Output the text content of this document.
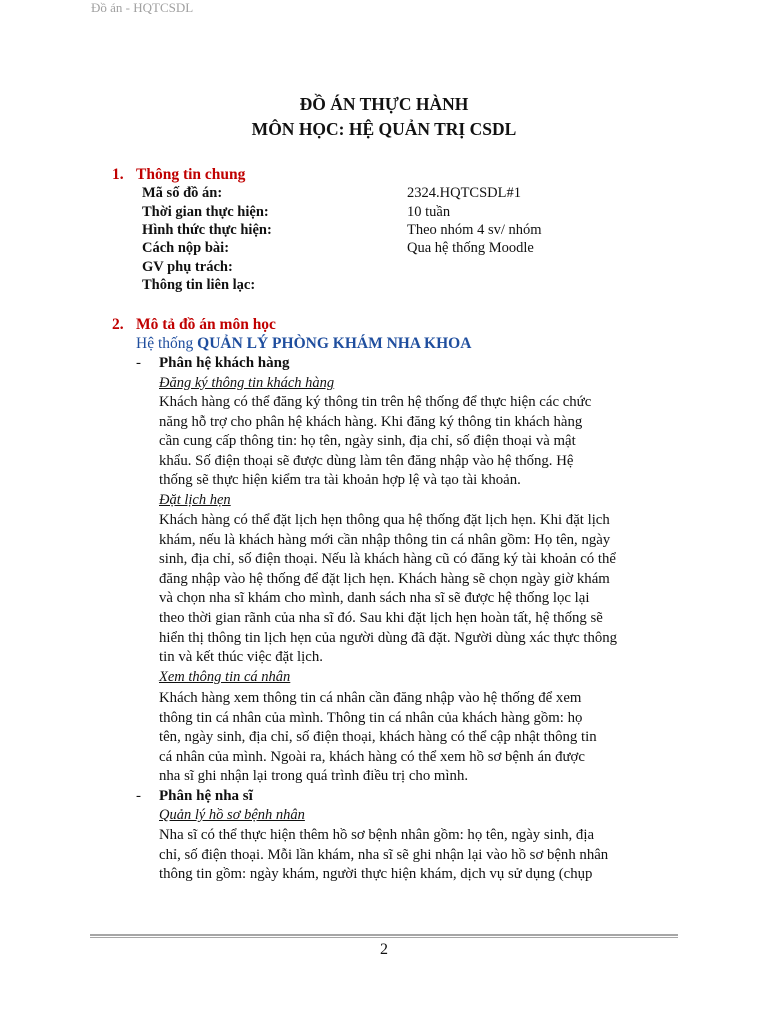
Đồ án - HQTCSDL
ĐỒ ÁN THỰC HÀNH
MÔN HỌC: HỆ QUẢN TRỊ CSDL
1. Thông tin chung
Mã số đồ án:	2324.HQTCSDL#1
Thời gian thực hiện:	10 tuần
Hình thức thực hiện:	Theo nhóm 4 sv/ nhóm
Cách nộp bài:	Qua hệ thống Moodle
GV phụ trách:
Thông tin liên lạc:
2. Mô tả đồ án môn học
Hệ thống QUẢN LÝ PHÒNG KHÁM NHA KHOA
- Phân hệ khách hàng
Đăng ký thông tin khách hàng
Khách hàng có thể đăng ký thông tin trên hệ thống để thực hiện các chức
năng hỗ trợ cho phân hệ khách hàng. Khi đăng ký thông tin khách hàng
cần cung cấp thông tin: họ tên, ngày sinh, địa chỉ, số điện thoại và mật
khẩu. Số điện thoại sẽ được dùng làm tên đăng nhập vào hệ thống. Hệ
thống sẽ thực hiện kiểm tra tài khoản hợp lệ và tạo tài khoản.
Đặt lịch hẹn
Khách hàng có thể đặt lịch hẹn thông qua hệ thống đặt lịch hẹn. Khi đặt lịch
khám, nếu là khách hàng mới cần nhập thông tin cá nhân gồm: Họ tên, ngày
sinh, địa chỉ, số điện thoại. Nếu là khách hàng cũ có đăng ký tài khoản có thể
đăng nhập vào hệ thống để đặt lịch hẹn. Khách hàng sẽ chọn ngày giờ khám
và chọn nha sĩ khám cho mình, danh sách nha sĩ sẽ được hệ thống lọc lại
theo thời gian rãnh của nha sĩ đó. Sau khi đặt lịch hẹn hoàn tất, hệ thống sẽ
hiển thị thông tin lịch hẹn của người dùng đã đặt. Người dùng xác thực thông
tin và kết thúc việc đặt lịch.
Xem thông tin cá nhân
Khách hàng xem thông tin cá nhân cần đăng nhập vào hệ thống để xem
thông tin cá nhân của mình. Thông tin cá nhân của khách hàng gồm: họ
tên, ngày sinh, địa chỉ, số điện thoại, khách hàng có thể cập nhật thông tin
cá nhân của mình. Ngoài ra, khách hàng có thể xem hồ sơ bệnh án được
nha sĩ ghi nhận lại trong quá trình điều trị cho mình.
- Phân hệ nha sĩ
Quản lý hồ sơ bệnh nhân
Nha sĩ có thể thực hiện thêm hồ sơ bệnh nhân gồm: họ tên, ngày sinh, địa
chỉ, số điện thoại. Mỗi lần khám, nha sĩ sẽ ghi nhận lại vào hồ sơ bệnh nhân
thông tin gồm: ngày khám, người thực hiện khám, dịch vụ sử dụng (chụp
2
